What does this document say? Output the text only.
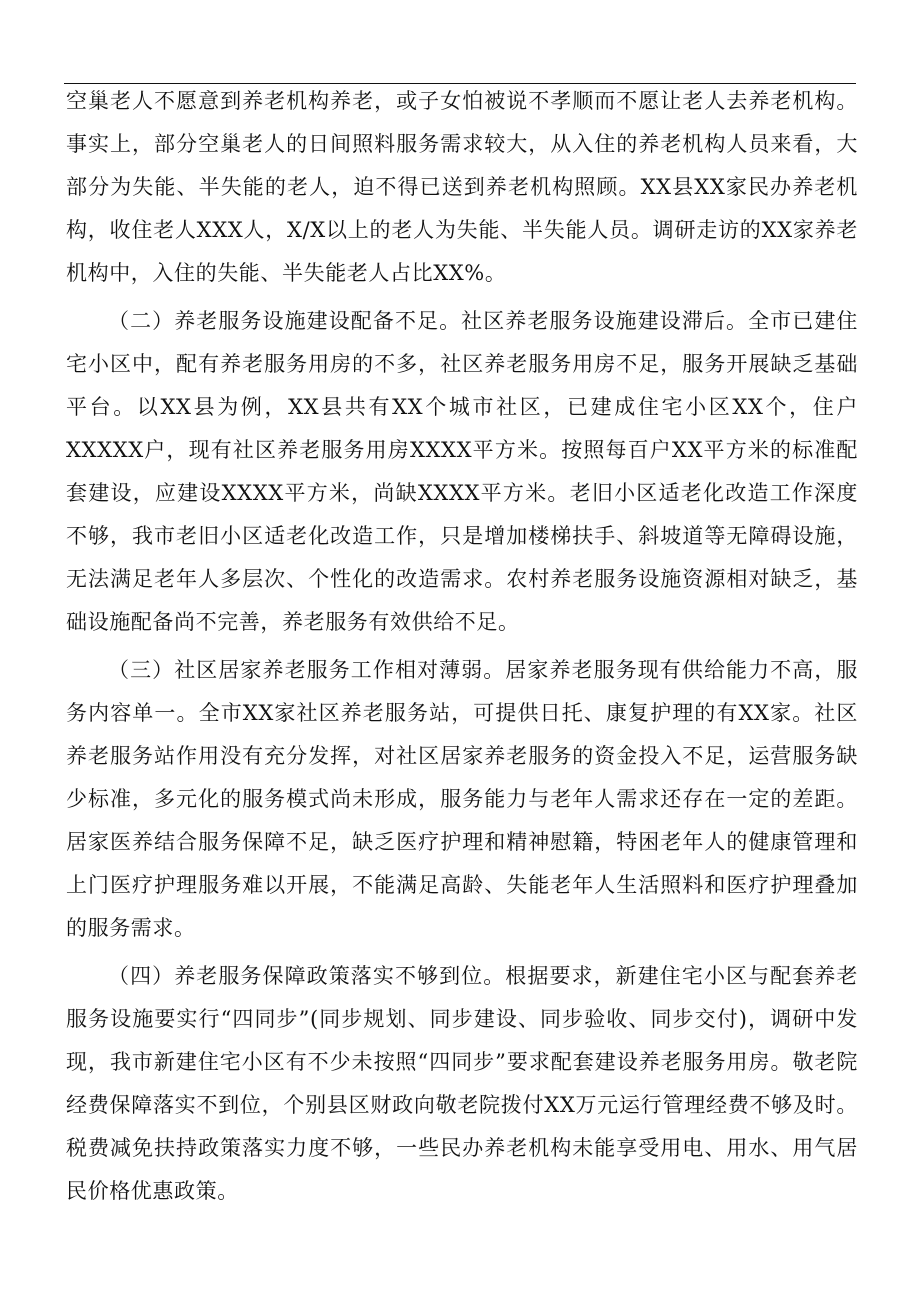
空巢老人不愿意到养老机构养老，或子女怕被说不孝顺而不愿让老人去养老机构。事实上，部分空巢老人的日间照料服务需求较大，从入住的养老机构人员来看，大部分为失能、半失能的老人，迫不得已送到养老机构照顾。XX县XX家民办养老机构，收住老人XXX人，X/X以上的老人为失能、半失能人员。调研走访的XX家养老机构中，入住的失能、半失能老人占比XX%。

（二）养老服务设施建设配备不足。社区养老服务设施建设滞后。全市已建住宅小区中，配有养老服务用房的不多，社区养老服务用房不足，服务开展缺乏基础平台。以XX县为例，XX县共有XX个城市社区，已建成住宅小区XX个，住户XXXXX户，现有社区养老服务用房XXXX平方米。按照每百户XX平方米的标准配套建设，应建设XXXX平方米，尚缺XXXX平方米。老旧小区适老化改造工作深度不够，我市老旧小区适老化改造工作，只是增加楼梯扶手、斜坡道等无障碍设施，无法满足老年人多层次、个性化的改造需求。农村养老服务设施资源相对缺乏，基础设施配备尚不完善，养老服务有效供给不足。

（三）社区居家养老服务工作相对薄弱。居家养老服务现有供给能力不高，服务内容单一。全市XX家社区养老服务站，可提供日托、康复护理的有XX家。社区养老服务站作用没有充分发挥，对社区居家养老服务的资金投入不足，运营服务缺少标准，多元化的服务模式尚未形成，服务能力与老年人需求还存在一定的差距。居家医养结合服务保障不足，缺乏医疗护理和精神慰籍，特困老年人的健康管理和上门医疗护理服务难以开展，不能满足高龄、失能老年人生活照料和医疗护理叠加的服务需求。

（四）养老服务保障政策落实不够到位。根据要求，新建住宅小区与配套养老服务设施要实行“四同步”(同步规划、同步建设、同步验收、同步交付)，调研中发现，我市新建住宅小区有不少未按照“四同步”要求配套建设养老服务用房。敬老院经费保障落实不到位，个别县区财政向敬老院拨付XX万元运行管理经费不够及时。税费减免扶持政策落实力度不够，一些民办养老机构未能享受用电、用水、用气居民价格优惠政策。
